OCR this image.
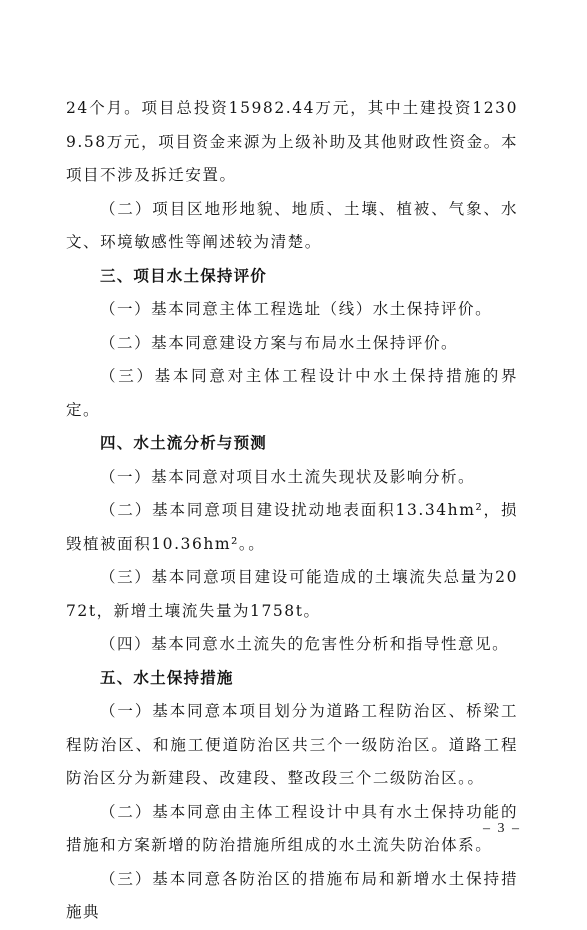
24个月。项目总投资15982.44万元，其中土建投资12309.58万元，项目资金来源为上级补助及其他财政性资金。本项目不涉及拆迁安置。

（二）项目区地形地貌、地质、土壤、植被、气象、水文、环境敏感性等阐述较为清楚。

三、项目水土保持评价

（一）基本同意主体工程选址（线）水土保持评价。

（二）基本同意建设方案与布局水土保持评价。

（三）基本同意对主体工程设计中水土保持措施的界定。

四、水土流分析与预测

（一）基本同意对项目水土流失现状及影响分析。

（二）基本同意项目建设扰动地表面积13.34hm²，损毁植被面积10.36hm²。。

（三）基本同意项目建设可能造成的土壤流失总量为2072t，新增土壤流失量为1758t。

（四）基本同意水土流失的危害性分析和指导性意见。

五、水土保持措施

（一）基本同意本项目划分为道路工程防治区、桥梁工程防治区、和施工便道防治区共三个一级防治区。道路工程防治区分为新建段、改建段、整改段三个二级防治区。。

（二）基本同意由主体工程设计中具有水土保持功能的措施和方案新增的防治措施所组成的水土流失防治体系。

（三）基本同意各防治区的措施布局和新增水土保持措施典

– 3 –
